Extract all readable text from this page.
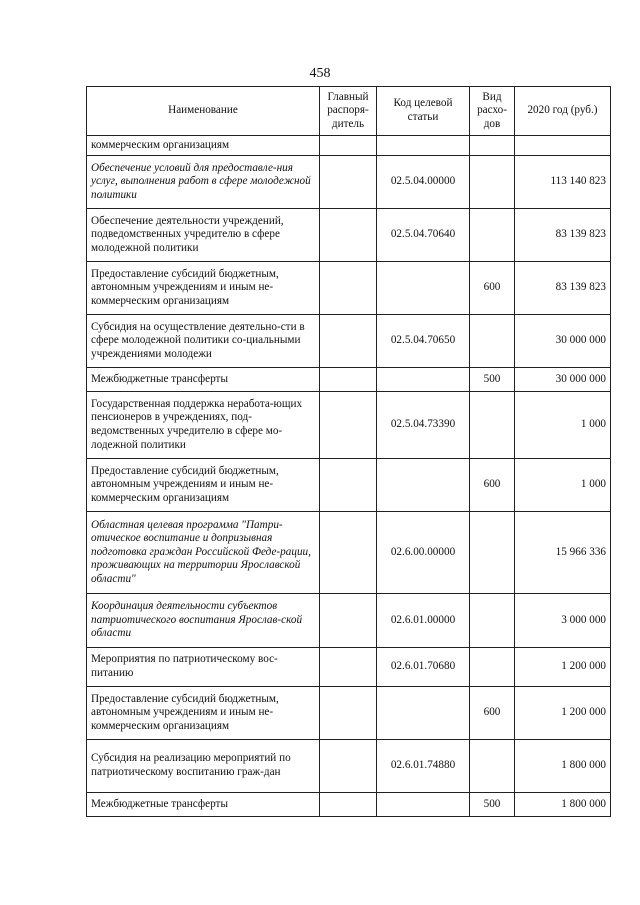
458
Наименование	Главный распоря-дитель	Код целевой статьи	Вид расхо-дов	2020 год (руб.)
коммерческим организациям				
Обеспечение условий для предоставле-ния услуг, выполнения работ в сфере молодежной политики		02.5.04.00000		113 140 823
Обеспечение деятельности учреждений, подведомственных учредителю в сфере молодежной политики		02.5.04.70640		83 139 823
Предоставление субсидий бюджетным, автономным учреждениям и иным не-коммерческим организациям			600	83 139 823
Субсидия на осуществление деятельно-сти в сфере молодежной политики со-циальными учреждениями молодежи		02.5.04.70650		30 000 000
Межбюджетные трансферты			500	30 000 000
Государственная поддержка неработа-ющих пенсионеров в учреждениях, под-ведомственных учредителю в сфере мо-лодежной политики		02.5.04.73390		1 000
Предоставление субсидий бюджетным, автономным учреждениям и иным не-коммерческим организациям			600	1 000
Областная целевая программа "Патри-отическое воспитание и допризывная подготовка граждан Российской Феде-рации, проживающих на территории Ярославской области"		02.6.00.00000		15 966 336
Координация деятельности субъектов патриотического воспитания Ярослав-ской области		02.6.01.00000		3 000 000
Мероприятия по патриотическому вос-питанию		02.6.01.70680		1 200 000
Предоставление субсидий бюджетным, автономным учреждениям и иным не-коммерческим организациям			600	1 200 000
Субсидия на реализацию мероприятий по патриотическому воспитанию граж-дан		02.6.01.74880		1 800 000
Межбюджетные трансферты			500	1 800 000
